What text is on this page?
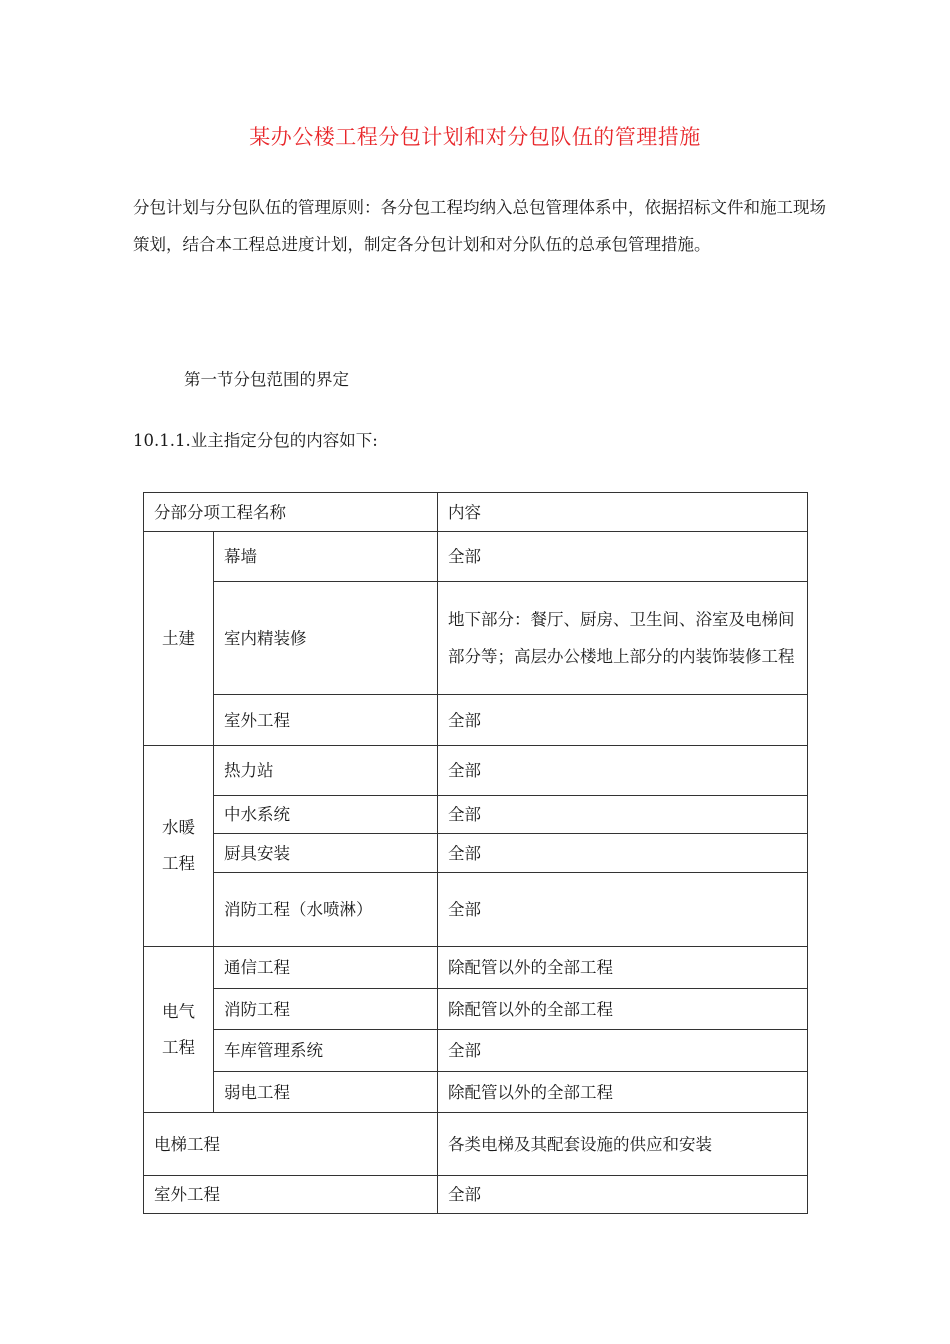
某办公楼工程分包计划和对分包队伍的管理措施
分包计划与分包队伍的管理原则：各分包工程均纳入总包管理体系中，依据招标文件和施工现场策划，结合本工程总进度计划，制定各分包计划和对分队伍的总承包管理措施。
第一节分包范围的界定
10.1.1.业主指定分包的内容如下:
分部分项工程名称		内容
土建	幕墙	全部
	室内精装修	地下部分：餐厅、厨房、卫生间、浴室及电梯间部分等；高层办公楼地上部分的内装饰装修工程
	室外工程	全部

水暖
工程	热力站	全部
	中水系统	全部
	厨具安装	全部
	消防工程（水喷淋）	全部

电气
工程	通信工程	除配管以外的全部工程
	消防工程	除配管以外的全部工程
	车库管理系统	全部
	弱电工程	除配管以外的全部工程
电梯工程		各类电梯及其配套设施的供应和安装
室外工程		全部
